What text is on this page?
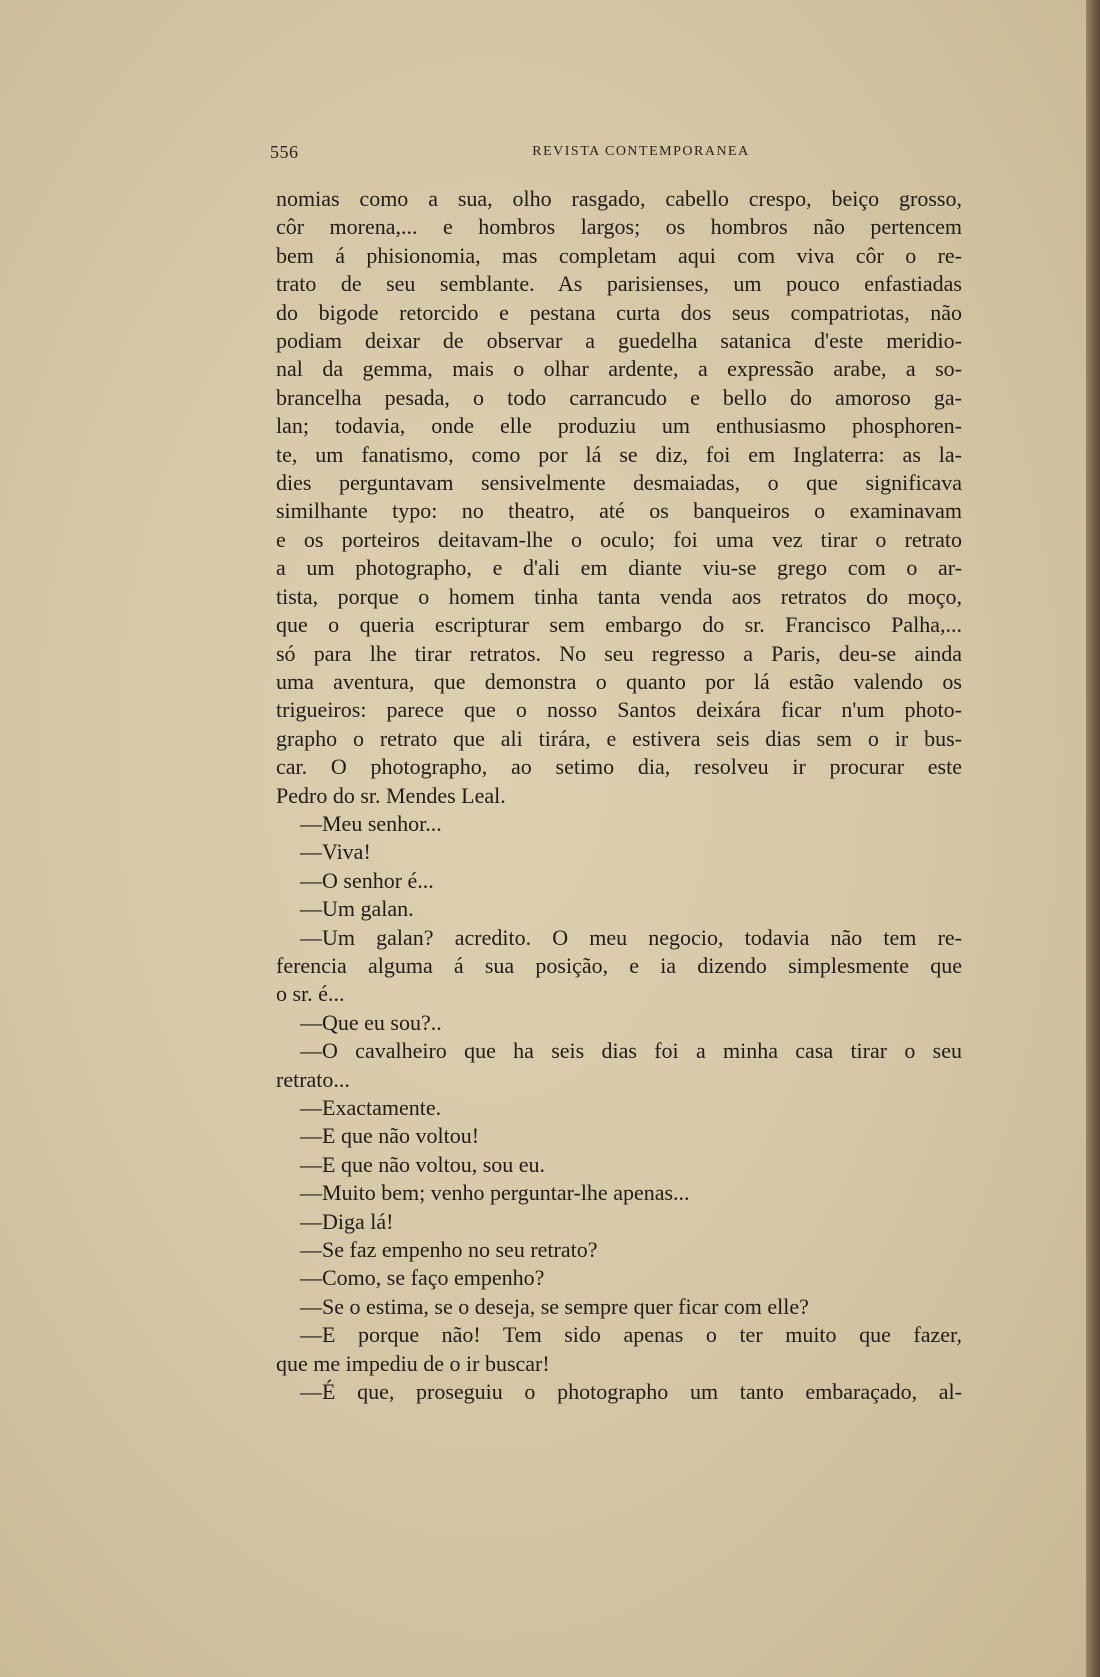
556	REVISTA CONTEMPORANEA
nomias como a sua, olho rasgado, cabello crespo, beiço grosso,
côr morena,... e hombros largos; os hombros não pertencem
bem á phisionomia, mas completam aqui com viva côr o re-
trato de seu semblante. As parisienses, um pouco enfastiadas
do bigode retorcido e pestana curta dos seus compatriotas, não
podiam deixar de observar a guedelha satanica d'este meridio-
nal da gemma, mais o olhar ardente, a expressão arabe, a so-
brancelha pesada, o todo carrancudo e bello do amoroso ga-
lan; todavia, onde elle produziu um enthusiasmo phosphoren-
te, um fanatismo, como por lá se diz, foi em Inglaterra: as la-
dies perguntavam sensivelmente desmaiadas, o que significava
similhante typo: no theatro, até os banqueiros o examinavam
e os porteiros deitavam-lhe o oculo; foi uma vez tirar o retrato
a um photographo, e d'ali em diante viu-se grego com o ar-
tista, porque o homem tinha tanta venda aos retratos do moço,
que o queria escripturar sem embargo do sr. Francisco Palha,...
só para lhe tirar retratos. No seu regresso a Paris, deu-se ainda
uma aventura, que demonstra o quanto por lá estão valendo os
trigueiros: parece que o nosso Santos deixára ficar n'um photo-
grapho o retrato que ali tirára, e estivera seis dias sem o ir bus-
car. O photographo, ao setimo dia, resolveu ir procurar este
Pedro do sr. Mendes Leal.
—Meu senhor...
—Viva!
—O senhor é...
—Um galan.
—Um galan? acredito. O meu negocio, todavia não tem re-
ferencia alguma á sua posição, e ia dizendo simplesmente que
o sr. é...
—Que eu sou?..
—O cavalheiro que ha seis dias foi a minha casa tirar o seu
retrato...
—Exactamente.
—E que não voltou!
—E que não voltou, sou eu.
—Muito bem; venho perguntar-lhe apenas...
—Diga lá!
—Se faz empenho no seu retrato?
—Como, se faço empenho?
—Se o estima, se o deseja, se sempre quer ficar com elle?
—E porque não! Tem sido apenas o ter muito que fazer,
que me impediu de o ir buscar!
—É que, proseguiu o photographo um tanto embaraçado, al-
